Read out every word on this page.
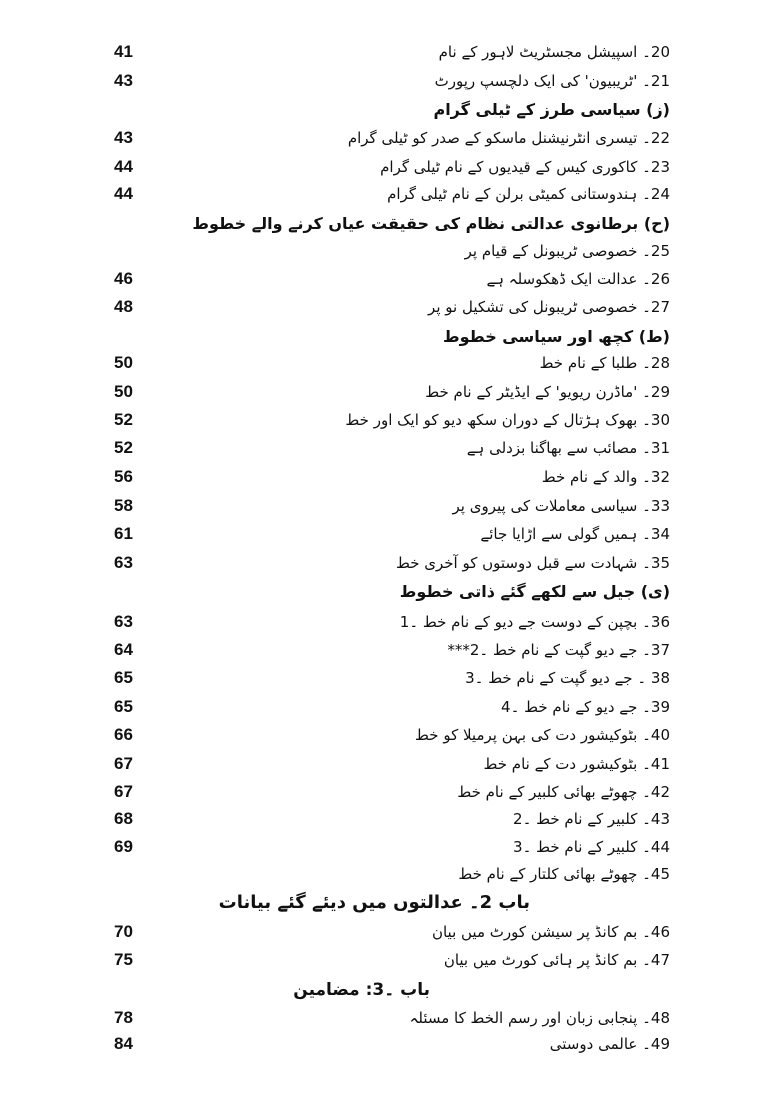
41	20۔ اسپیشل مجسٹریٹ لاہور کے نام
43	21۔ 'ٹریبیون' کی ایک دلچسپ رپورٹ
(ز) سیاسی طرز کے ٹیلی گرام
43	22۔ تیسری انٹرنیشنل ماسکو کے صدر کو ٹیلی گرام
44	23۔ کاکوری کیس کے قیدیوں کے نام ٹیلی گرام
44	24۔ ہندوستانی کمیٹی برلن کے نام ٹیلی گرام
(ح) برطانوی عدالتی نظام کی حقیقت عیاں کرنے والے خطوط
25۔ خصوصی ٹریبونل کے قیام پر
46	26۔ عدالت ایک ڈھکوسلہ ہے
48	27۔ خصوصی ٹریبونل کی تشکیل نو پر
(ط) کچھ اور سیاسی خطوط
50	28۔ طلبا کے نام خط
50	29۔ 'ماڈرن ریویو' کے ایڈیٹر کے نام خط
52	30۔ بھوک ہڑتال کے دوران سکھ دیو کو ایک اور خط
52	31۔ مصائب سے بھاگنا بزدلی ہے
56	32۔ والد کے نام خط
58	33۔ سیاسی معاملات کی پیروی پر
61	34۔ ہمیں گولی سے اڑایا جائے
63	35۔ شہادت سے قبل دوستوں کو آخری خط
(ی) جیل سے لکھے گئے ذاتی خطوط
63	36۔ بچپن کے دوست جے دیو کے نام خط ۔1
64	37۔ جے دیو گپت کے نام خط ۔2***
65	38 ۔ جے دیو گپت کے نام خط ۔3
65	39۔ جے دیو کے نام خط ۔4
66	40۔ بٹوکیشور دت کی بہن پرمیلا کو خط
67	41۔ بٹوکیشور دت کے نام خط
67	42۔ چھوٹے بھائی کلبیر کے نام خط
68	43۔ کلبیر کے نام خط ۔2
69	44۔ کلبیر کے نام خط ۔3
45۔ چھوٹے بھائی کلتار کے نام خط
باب 2۔ عدالتوں میں دیئے گئے بیانات
70	46۔ بم کانڈ پر سیشن کورٹ میں بیان
75	47۔ بم کانڈ پر ہائی کورٹ میں بیان
باب ۔3: مضامین
78	48۔ پنجابی زبان اور رسم الخط کا مسئلہ
84	49۔ عالمی دوستی
